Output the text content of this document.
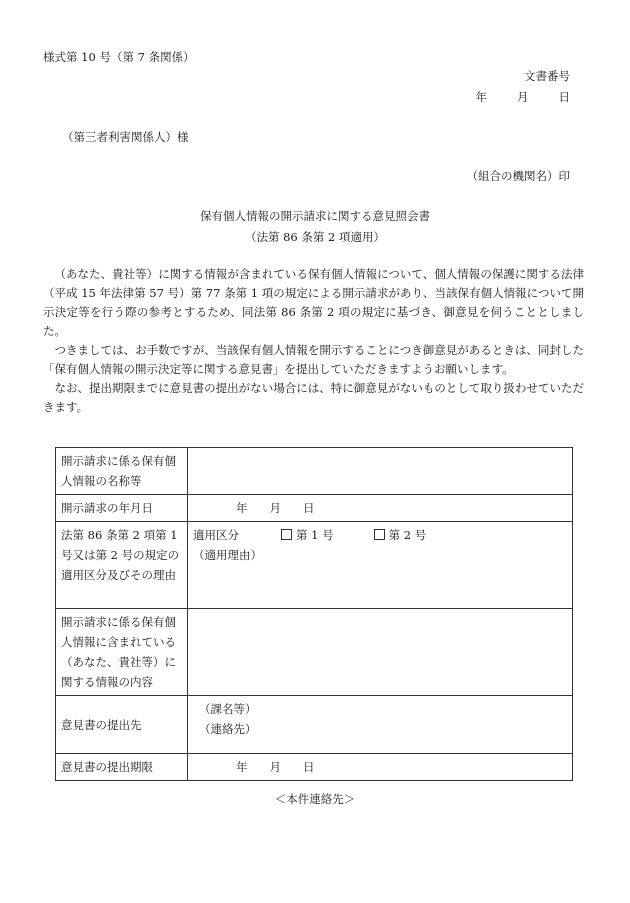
様式第 10 号（第 7 条関係）
文書番号
年	月	日
（第三者利害関係人）様
（組合の機関名）印
保有個人情報の開示請求に関する意見照会書
（法第 86 条第 2 項適用）

（あなた、貴社等）に関する情報が含まれている保有個人情報について、個人情報の保護に関する法律（平成 15 年法律第 57 号）第 77 条第 1 項の規定による開示請求があり、当該保有個人情報について開示決定等を行う際の参考とするため、同法第 86 条第 2 項の規定に基づき、御意見を伺うこととしました。

つきましては、お手数ですが、当該保有個人情報を開示することにつき御意見があるときは、同封した「保有個人情報の開示決定等に関する意見書」を提出していただきますようお願いします。

なお、提出期限までに意見書の提出がない場合には、特に御意見がないものとして取り扱わせていただきます。

開示請求に係る保有個人情報の名称等	
開示請求の年月日	年 月 日
法第 86 条第 2 項第 1 号又は第 2 号の規定の適用区分及びその理由	適用区分 第 1 号 第 2 号
（適用理由）

開示請求に係る保有個人情報に含まれている（あなた、貴社等）に関する情報の内容	
意見書の提出先	（課名等）
（連絡先）

意見書の提出期限	年 月 日
＜本件連絡先＞
